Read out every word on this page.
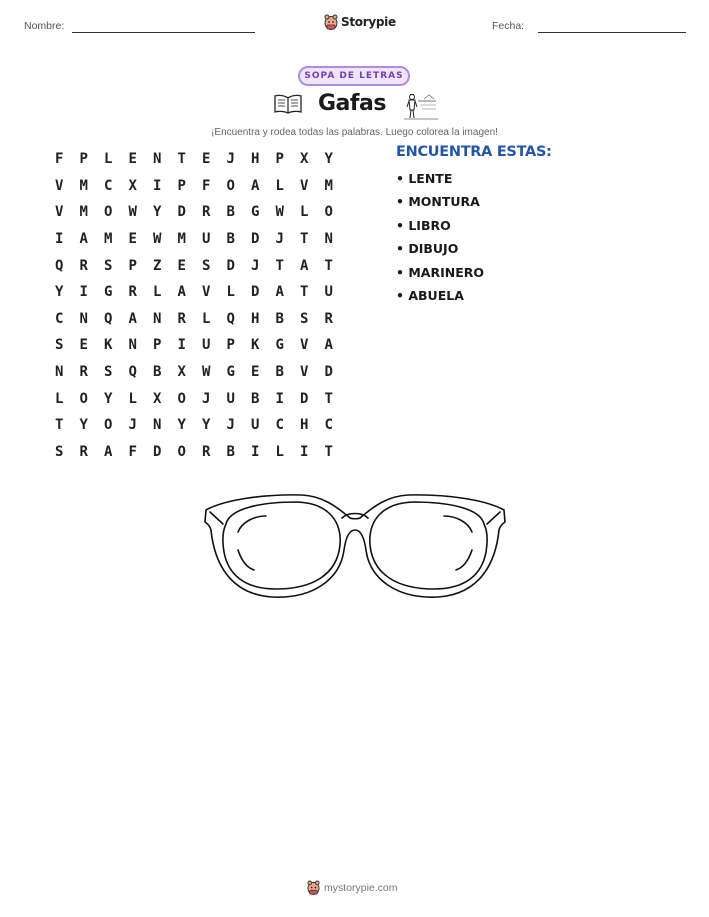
Nombre:	Storypie	Fecha:
SOPA DE LETRAS
Gafas
¡Encuentra y rodea todas las palabras. Luego colorea la imagen!
F	P	L	E	N	T	E	J	H	P	X	Y
V	M	C	X	I	P	F	O	A	L	V	M
V	M	O	W	Y	D	R	B	G	W	L	O
I	A	M	E	W	M	U	B	D	J	T	N
Q	R	S	P	Z	E	S	D	J	T	A	T
Y	I	G	R	L	A	V	L	D	A	T	U
C	N	Q	A	N	R	L	Q	H	B	S	R
S	E	K	N	P	I	U	P	K	G	V	A
N	R	S	Q	B	X	W	G	E	B	V	D
L	O	Y	L	X	O	J	U	B	I	D	T
T	Y	O	J	N	Y	Y	J	U	C	H	C
S	R	A	F	D	O	R	B	I	L	I	T
ENCUENTRA ESTAS:
• LENTE
• MONTURA
• LIBRO
• DIBUJO
• MARINERO
• ABUELA
mystorypie.com
